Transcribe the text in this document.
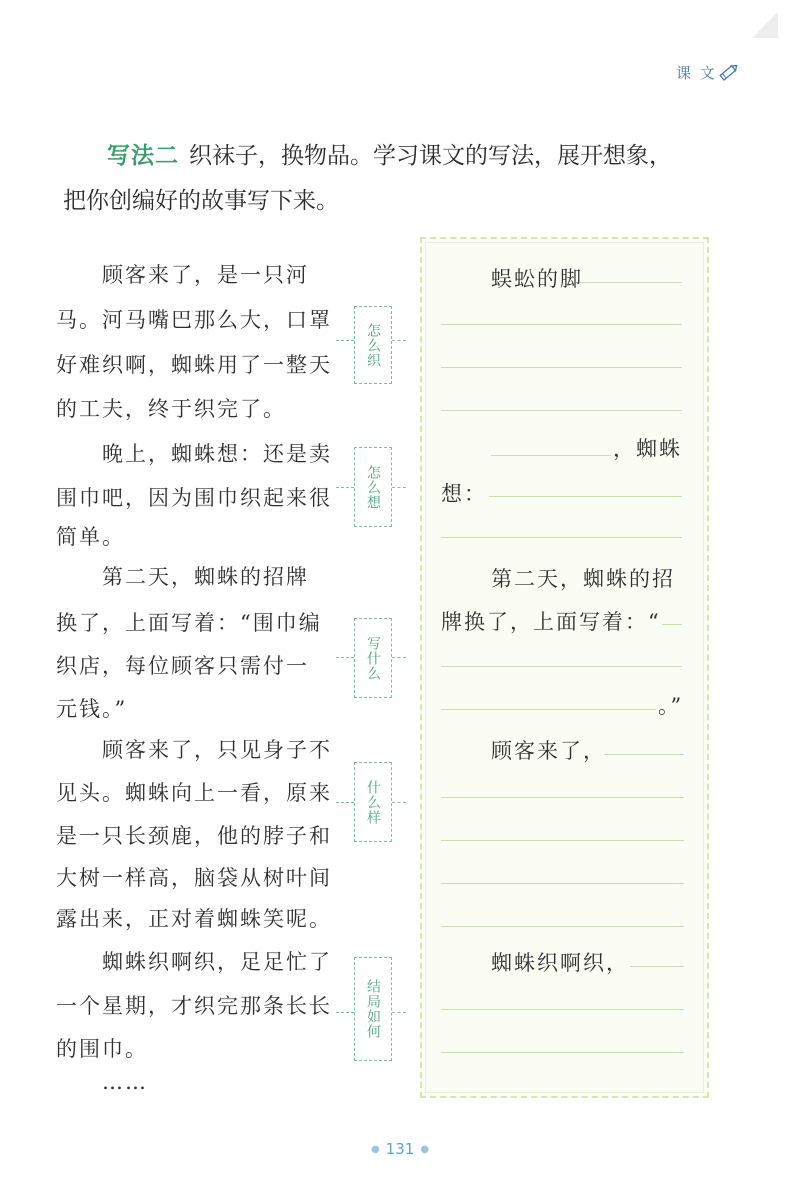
课 文
写法二 织袜子，换物品。学习课文的写法，展开想象，
把你创编好的故事写下来。
顾客来了，是一只河
马。河马嘴巴那么大，口罩
好难织啊，蜘蛛用了一整天
的工夫，终于织完了。
晚上，蜘蛛想：还是卖
围巾吧，因为围巾织起来很
简单。
第二天，蜘蛛的招牌
换了，上面写着：“围巾编
织店，每位顾客只需付一
元钱。”
顾客来了，只见身子不
见头。蜘蛛向上一看，原来
是一只长颈鹿，他的脖子和
大树一样高，脑袋从树叶间
露出来，正对着蜘蛛笑呢。
蜘蛛织啊织，足足忙了
一个星期，才织完那条长长
的围巾。
……
怎么织
怎么想
写什么
什么样
结局如何
蜈蚣的脚
，蜘蛛
想：
第二天，蜘蛛的招
牌换了，上面写着：“
。”
顾客来了，
蜘蛛织啊织，
● 131 ●
